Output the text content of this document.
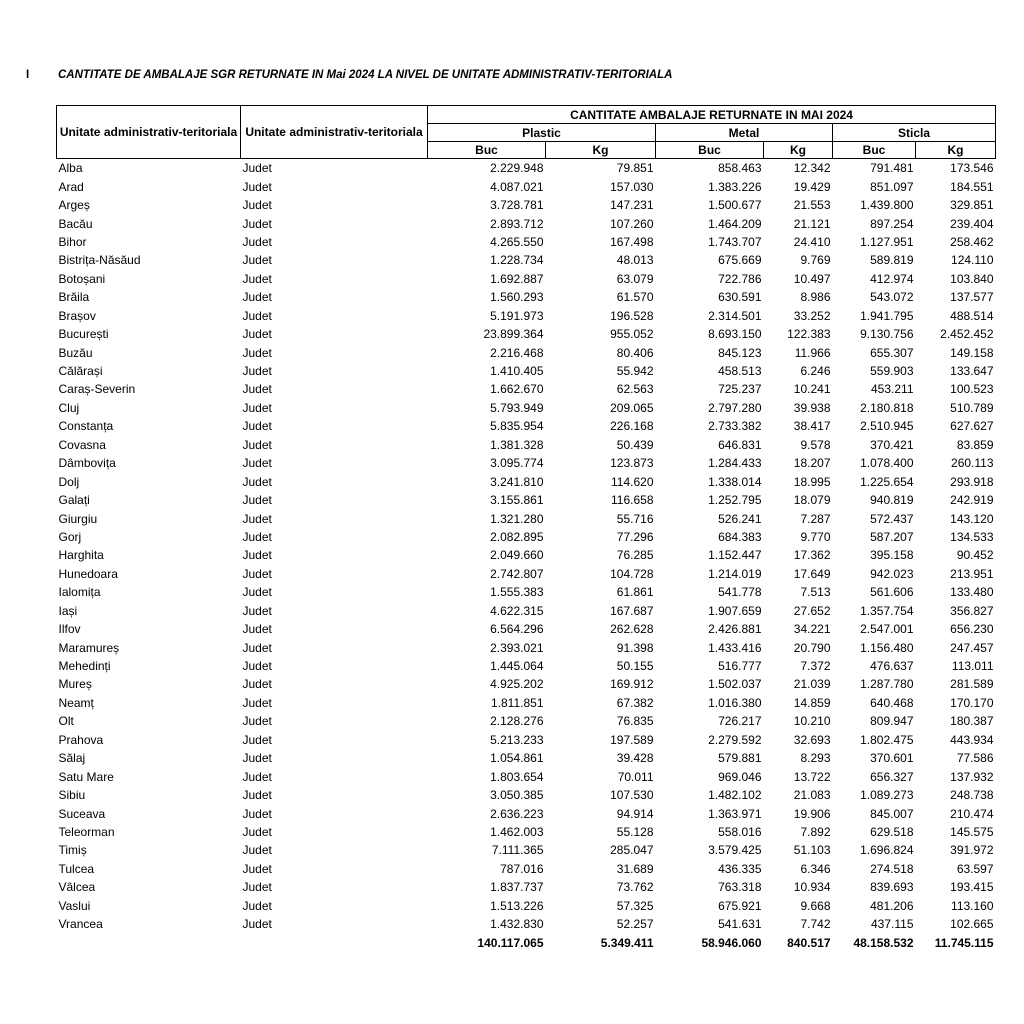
I	CANTITATE DE AMBALAJE SGR RETURNATE IN Mai 2024 LA NIVEL DE UNITATE ADMINISTRATIV-TERITORIALA
Unitate administrativ-teritoriala	Unitate administrativ-teritoriala	CANTITATE AMBALAJE RETURNATE IN MAI 2024					
		Plastic		Metal		Sticla	
		Buc	Kg	Buc	Kg	Buc	Kg
Alba	Judet	2.229.948	79.851	858.463	12.342	791.481	173.546
Arad	Judet	4.087.021	157.030	1.383.226	19.429	851.097	184.551
Argeș	Judet	3.728.781	147.231	1.500.677	21.553	1.439.800	329.851
Bacău	Judet	2.893.712	107.260	1.464.209	21.121	897.254	239.404
Bihor	Judet	4.265.550	167.498	1.743.707	24.410	1.127.951	258.462
Bistrița-Năsăud	Judet	1.228.734	48.013	675.669	9.769	589.819	124.110
Botoșani	Judet	1.692.887	63.079	722.786	10.497	412.974	103.840
Brăila	Judet	1.560.293	61.570	630.591	8.986	543.072	137.577
Brașov	Judet	5.191.973	196.528	2.314.501	33.252	1.941.795	488.514
București	Judet	23.899.364	955.052	8.693.150	122.383	9.130.756	2.452.452
Buzău	Judet	2.216.468	80.406	845.123	11.966	655.307	149.158
Călărași	Judet	1.410.405	55.942	458.513	6.246	559.903	133.647
Caraș-Severin	Judet	1.662.670	62.563	725.237	10.241	453.211	100.523
Cluj	Judet	5.793.949	209.065	2.797.280	39.938	2.180.818	510.789
Constanța	Judet	5.835.954	226.168	2.733.382	38.417	2.510.945	627.627
Covasna	Judet	1.381.328	50.439	646.831	9.578	370.421	83.859
Dâmbovița	Judet	3.095.774	123.873	1.284.433	18.207	1.078.400	260.113
Dolj	Judet	3.241.810	114.620	1.338.014	18.995	1.225.654	293.918
Galați	Judet	3.155.861	116.658	1.252.795	18.079	940.819	242.919
Giurgiu	Judet	1.321.280	55.716	526.241	7.287	572.437	143.120
Gorj	Judet	2.082.895	77.296	684.383	9.770	587.207	134.533
Harghita	Judet	2.049.660	76.285	1.152.447	17.362	395.158	90.452
Hunedoara	Judet	2.742.807	104.728	1.214.019	17.649	942.023	213.951
Ialomița	Judet	1.555.383	61.861	541.778	7.513	561.606	133.480
Iași	Judet	4.622.315	167.687	1.907.659	27.652	1.357.754	356.827
Ilfov	Judet	6.564.296	262.628	2.426.881	34.221	2.547.001	656.230
Maramureș	Judet	2.393.021	91.398	1.433.416	20.790	1.156.480	247.457
Mehedinți	Judet	1.445.064	50.155	516.777	7.372	476.637	113.011
Mureș	Judet	4.925.202	169.912	1.502.037	21.039	1.287.780	281.589
Neamț	Judet	1.811.851	67.382	1.016.380	14.859	640.468	170.170
Olt	Judet	2.128.276	76.835	726.217	10.210	809.947	180.387
Prahova	Judet	5.213.233	197.589	2.279.592	32.693	1.802.475	443.934
Sălaj	Judet	1.054.861	39.428	579.881	8.293	370.601	77.586
Satu Mare	Judet	1.803.654	70.011	969.046	13.722	656.327	137.932
Sibiu	Judet	3.050.385	107.530	1.482.102	21.083	1.089.273	248.738
Suceava	Judet	2.636.223	94.914	1.363.971	19.906	845.007	210.474
Teleorman	Judet	1.462.003	55.128	558.016	7.892	629.518	145.575
Timiș	Judet	7.111.365	285.047	3.579.425	51.103	1.696.824	391.972
Tulcea	Judet	787.016	31.689	436.335	6.346	274.518	63.597
Vâlcea	Judet	1.837.737	73.762	763.318	10.934	839.693	193.415
Vaslui	Judet	1.513.226	57.325	675.921	9.668	481.206	113.160
Vrancea	Judet	1.432.830	52.257	541.631	7.742	437.115	102.665
		140.117.065	5.349.411	58.946.060	840.517	48.158.532	11.745.115
